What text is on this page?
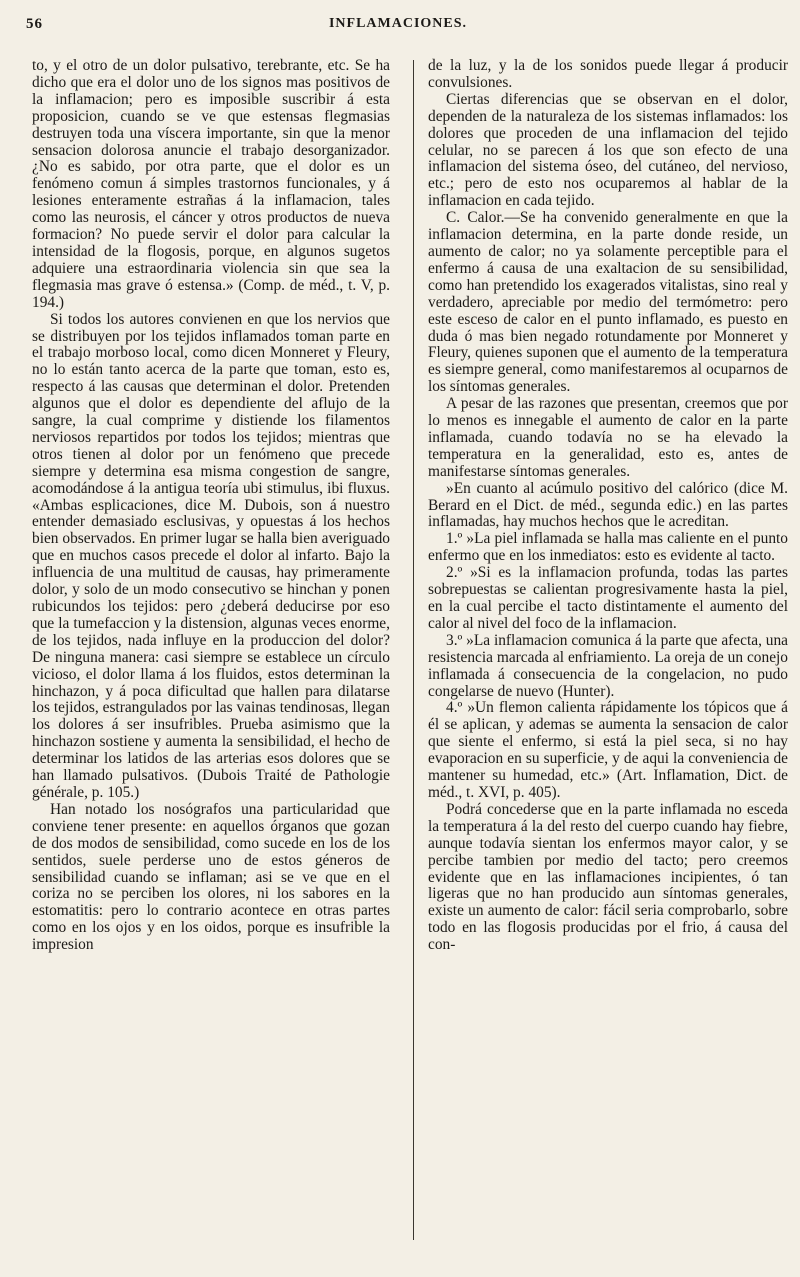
56	INFLAMACIONES.

to, y el otro de un dolor pulsativo, terebrante, etc. Se ha dicho que era el dolor uno de los signos mas positivos de la inflamacion; pero es imposible suscribir á esta proposicion, cuando se ve que estensas flegmasias destruyen toda una víscera importante, sin que la menor sensacion dolorosa anuncie el trabajo desorganizador. ¿No es sabido, por otra parte, que el dolor es un fenómeno comun á simples trastornos funcionales, y á lesiones enteramente estrañas á la inflamacion, tales como las neurosis, el cáncer y otros productos de nueva formacion? No puede servir el dolor para calcular la intensidad de la flogosis, porque, en algunos sugetos adquiere una estraordinaria violencia sin que sea la flegmasia mas grave ó estensa.» (Comp. de méd., t. V, p. 194.)

Si todos los autores convienen en que los nervios que se distribuyen por los tejidos inflamados toman parte en el trabajo morboso local, como dicen Monneret y Fleury, no lo están tanto acerca de la parte que toman, esto es, respecto á las causas que determinan el dolor. Pretenden algunos que el dolor es dependiente del aflujo de la sangre, la cual comprime y distiende los filamentos nerviosos repartidos por todos los tejidos; mientras que otros tienen al dolor por un fenómeno que precede siempre y determina esa misma congestion de sangre, acomodándose á la antigua teoría ubi stimulus, ibi fluxus. «Ambas esplicaciones, dice M. Dubois, son á nuestro entender demasiado esclusivas, y opuestas á los hechos bien observados. En primer lugar se halla bien averiguado que en muchos casos precede el dolor al infarto. Bajo la influencia de una multitud de causas, hay primeramente dolor, y solo de un modo consecutivo se hinchan y ponen rubicundos los tejidos: pero ¿deberá deducirse por eso que la tumefaccion y la distension, algunas veces enorme, de los tejidos, nada influye en la produccion del dolor? De ninguna manera: casi siempre se establece un círculo vicioso, el dolor llama á los fluidos, estos determinan la hinchazon, y á poca dificultad que hallen para dilatarse los tejidos, estrangulados por las vainas tendinosas, llegan los dolores á ser insufribles. Prueba asimismo que la hinchazon sostiene y aumenta la sensibilidad, el hecho de determinar los latidos de las arterias esos dolores que se han llamado pulsativos. (Dubois Traité de Pathologie générale, p. 105.)

Han notado los nosógrafos una particularidad que conviene tener presente: en aquellos órganos que gozan de dos modos de sensibilidad, como sucede en los de los sentidos, suele perderse uno de estos géneros de sensibilidad cuando se inflaman; asi se ve que en el coriza no se perciben los olores, ni los sabores en la estomatitis: pero lo contrario acontece en otras partes como en los ojos y en los oidos, porque es insufrible la impresion

de la luz, y la de los sonidos puede llegar á producir convulsiones.

Ciertas diferencias que se observan en el dolor, dependen de la naturaleza de los sistemas inflamados: los dolores que proceden de una inflamacion del tejido celular, no se parecen á los que son efecto de una inflamacion del sistema óseo, del cutáneo, del nervioso, etc.; pero de esto nos ocuparemos al hablar de la inflamacion en cada tejido.

C. Calor.—Se ha convenido generalmente en que la inflamacion determina, en la parte donde reside, un aumento de calor; no ya solamente perceptible para el enfermo á causa de una exaltacion de su sensibilidad, como han pretendido los exagerados vitalistas, sino real y verdadero, apreciable por medio del termómetro: pero este esceso de calor en el punto inflamado, es puesto en duda ó mas bien negado rotundamente por Monneret y Fleury, quienes suponen que el aumento de la temperatura es siempre general, como manifestaremos al ocuparnos de los síntomas generales.

A pesar de las razones que presentan, creemos que por lo menos es innegable el aumento de calor en la parte inflamada, cuando todavía no se ha elevado la temperatura en la generalidad, esto es, antes de manifestarse síntomas generales.

»En cuanto al acúmulo positivo del calórico (dice M. Berard en el Dict. de méd., segunda edic.) en las partes inflamadas, hay muchos hechos que le acreditan.

1.º »La piel inflamada se halla mas caliente en el punto enfermo que en los inmediatos: esto es evidente al tacto.

2.º »Si es la inflamacion profunda, todas las partes sobrepuestas se calientan progresivamente hasta la piel, en la cual percibe el tacto distintamente el aumento del calor al nivel del foco de la inflamacion.

3.º »La inflamacion comunica á la parte que afecta, una resistencia marcada al enfriamiento. La oreja de un conejo inflamada á consecuencia de la congelacion, no pudo congelarse de nuevo (Hunter).

4.º »Un flemon calienta rápidamente los tópicos que á él se aplican, y ademas se aumenta la sensacion de calor que siente el enfermo, si está la piel seca, si no hay evaporacion en su superficie, y de aqui la conveniencia de mantener su humedad, etc.» (Art. Inflamation, Dict. de méd., t. XVI, p. 405).

Podrá concederse que en la parte inflamada no esceda la temperatura á la del resto del cuerpo cuando hay fiebre, aunque todavía sientan los enfermos mayor calor, y se percibe tambien por medio del tacto; pero creemos evidente que en las inflamaciones incipientes, ó tan ligeras que no han producido aun síntomas generales, existe un aumento de calor: fácil seria comprobarlo, sobre todo en las flogosis producidas por el frio, á causa del con-
